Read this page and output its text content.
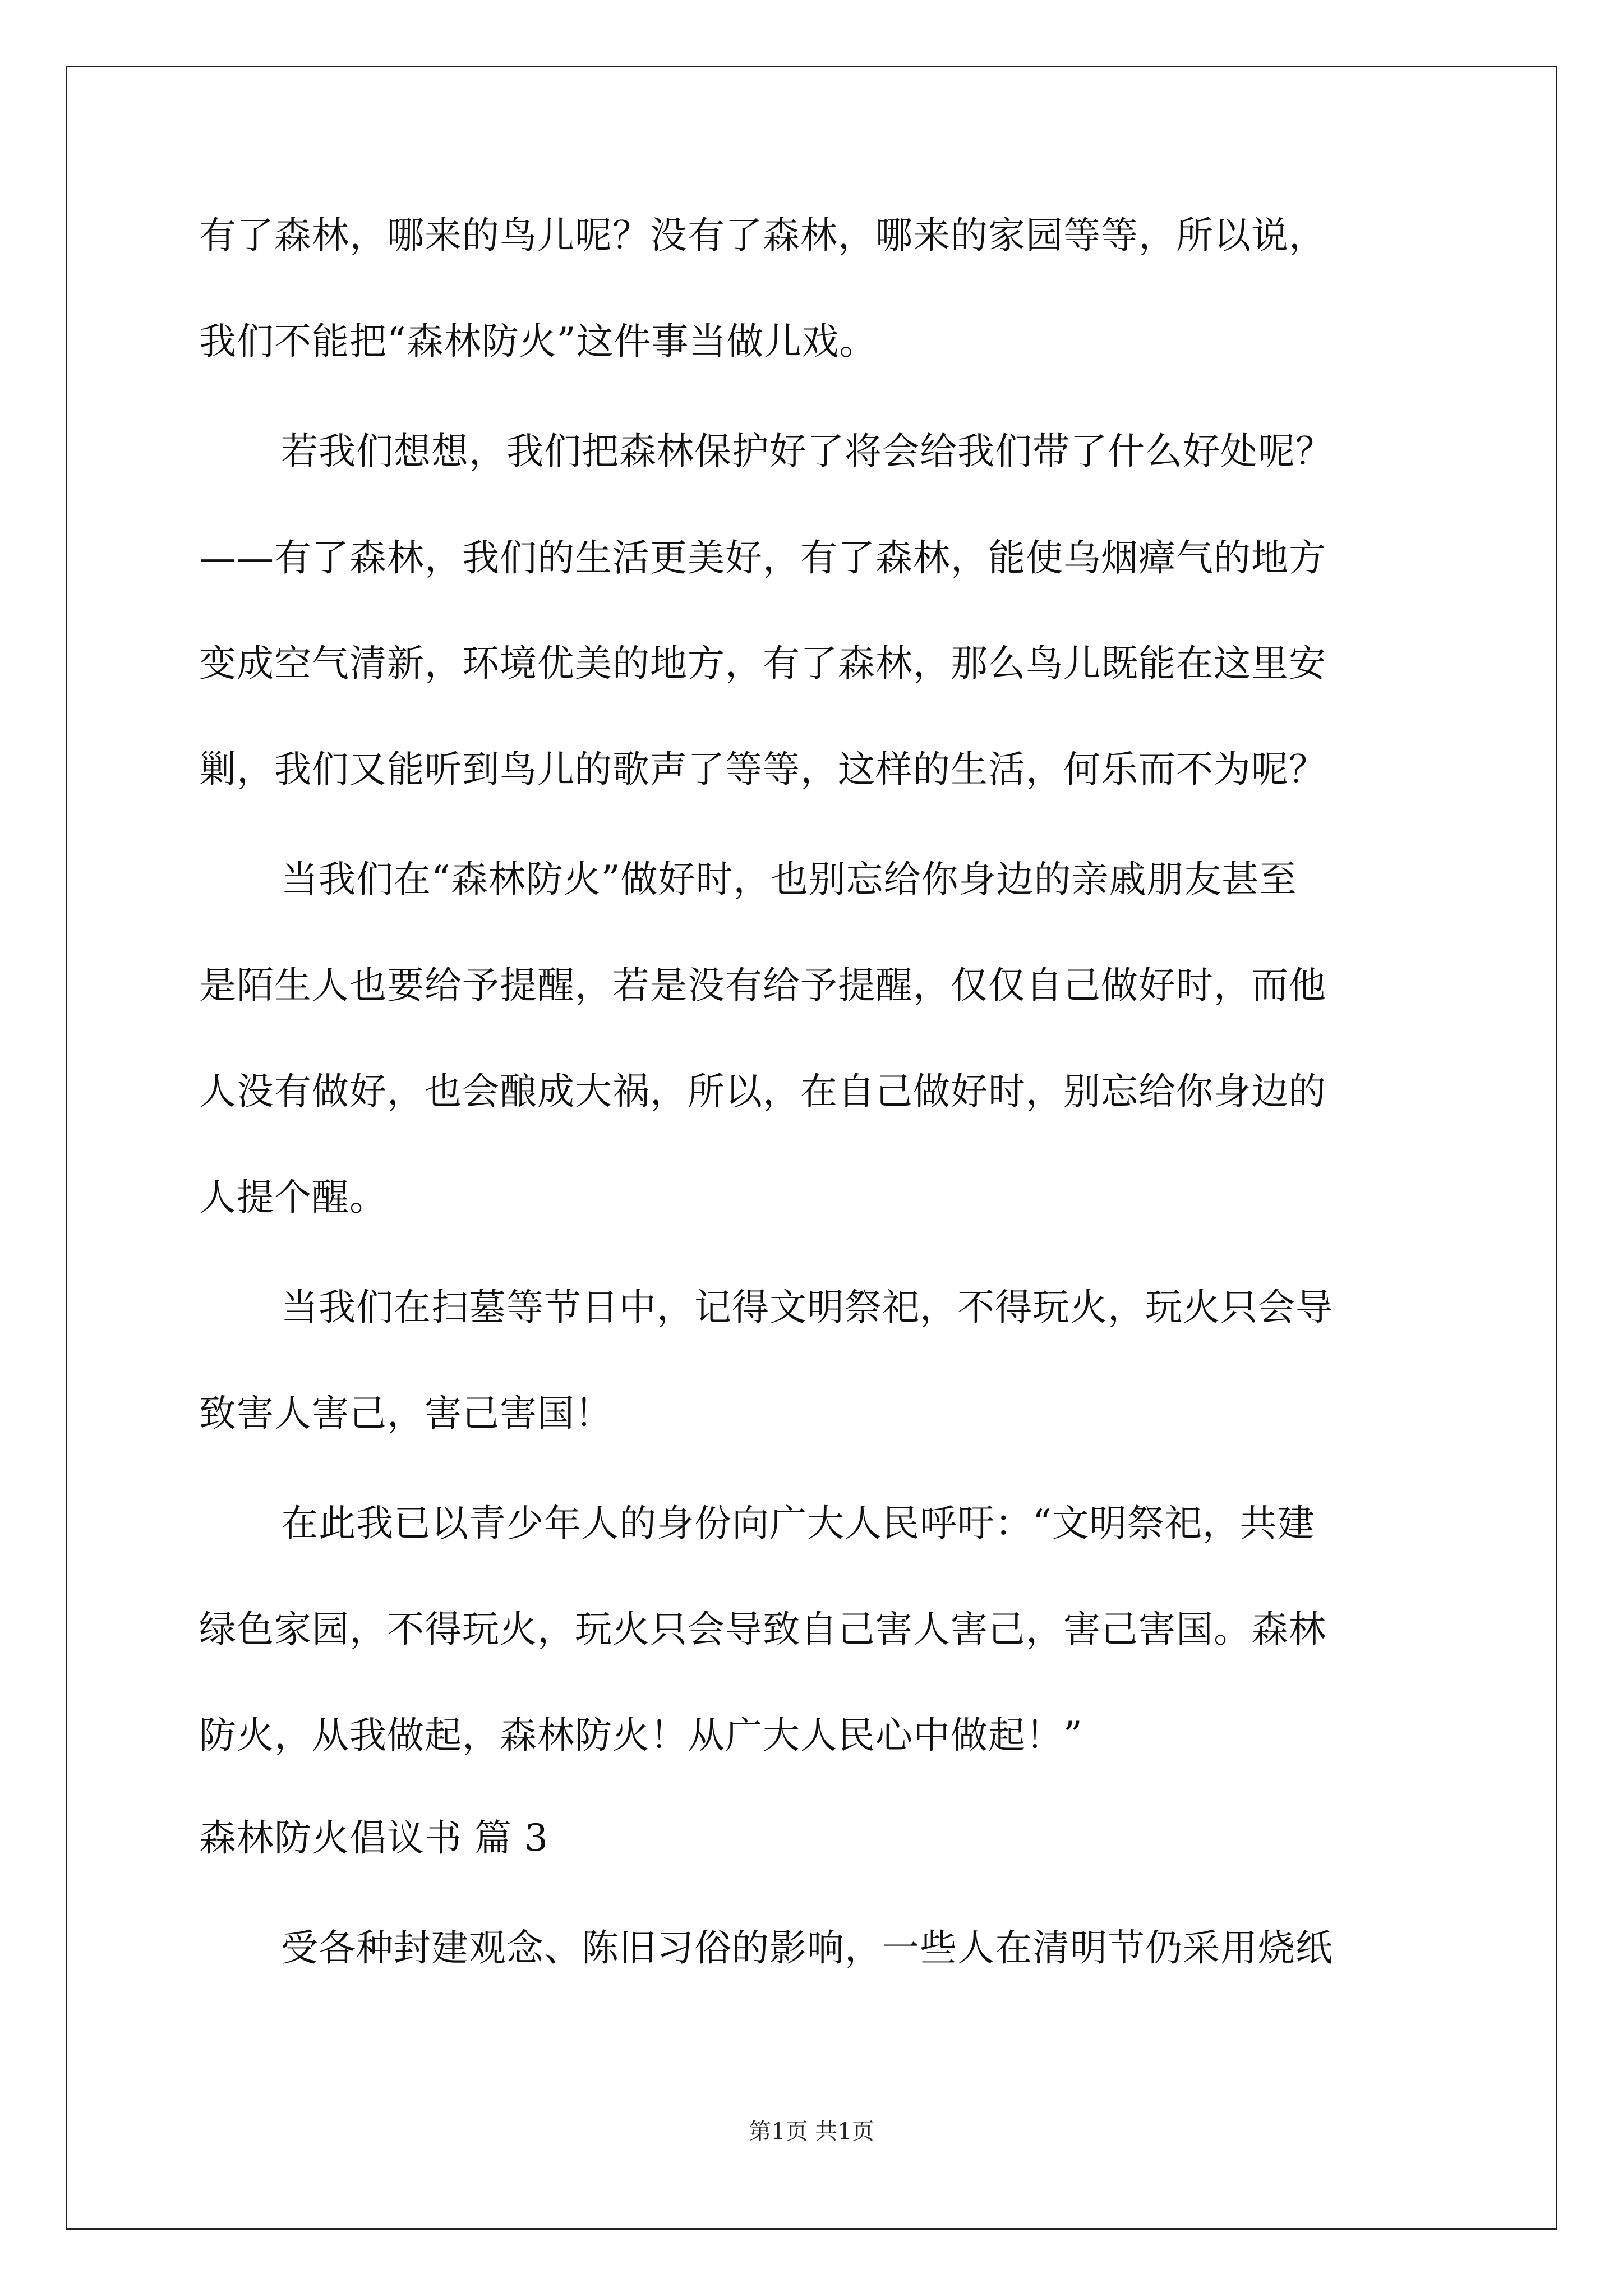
有了森林，哪来的鸟儿呢？没有了森林，哪来的家园等等，所以说，
我们不能把“森林防火”这件事当做儿戏。
若我们想想，我们把森林保护好了将会给我们带了什么好处呢？
——有了森林，我们的生活更美好，有了森林，能使乌烟瘴气的地方
变成空气清新，环境优美的地方，有了森林，那么鸟儿既能在这里安
剿，我们又能听到鸟儿的歌声了等等，这样的生活，何乐而不为呢？
当我们在“森林防火”做好时，也别忘给你身边的亲戚朋友甚至
是陌生人也要给予提醒，若是没有给予提醒，仅仅自己做好时，而他
人没有做好，也会酿成大祸，所以，在自己做好时，别忘给你身边的
人提个醒。
当我们在扫墓等节日中，记得文明祭祀，不得玩火，玩火只会导
致害人害己，害己害国！
在此我已以青少年人的身份向广大人民呼吁：“文明祭祀，共建
绿色家园，不得玩火，玩火只会导致自己害人害己，害己害国。森林
防火，从我做起，森林防火！从广大人民心中做起！”
森林防火倡议书 篇 3
受各种封建观念、陈旧习俗的影响，一些人在清明节仍采用烧纸
第1页 共1页
